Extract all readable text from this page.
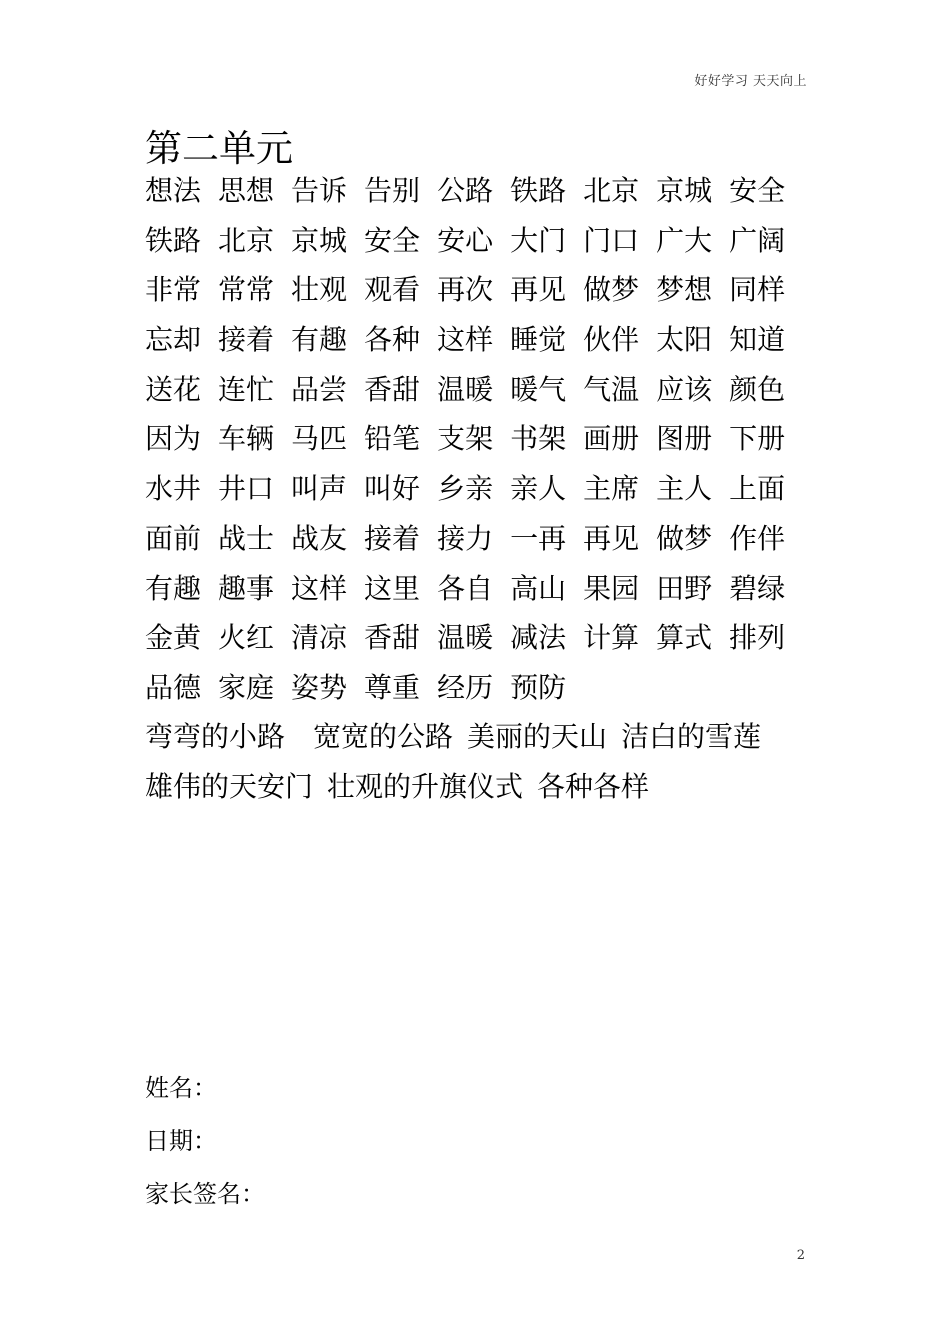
好好学习 天天向上
第二单元
想法 思想 告诉 告别 公路 铁路 北京 京城 安全
铁路 北京 京城 安全 安心 大门 门口 广大 广阔
非常 常常 壮观 观看 再次 再见 做梦 梦想 同样
忘却 接着 有趣 各种 这样 睡觉 伙伴 太阳 知道
送花 连忙 品尝 香甜 温暖 暖气 气温 应该 颜色
因为 车辆 马匹 铅笔 支架 书架 画册 图册 下册
水井 井口 叫声 叫好 乡亲 亲人 主席 主人 上面
面前 战士 战友 接着 接力 一再 再见 做梦 作伴
有趣 趣事 这样 这里 各自 高山 果园 田野 碧绿
金黄 火红 清凉 香甜 温暖 减法 计算 算式 排列
品德 家庭 姿势 尊重 经历 预防
弯弯的小路 宽宽的公路 美丽的天山 洁白的雪莲
雄伟的天安门 壮观的升旗仪式 各种各样
姓名：
日期：
家长签名：
2
